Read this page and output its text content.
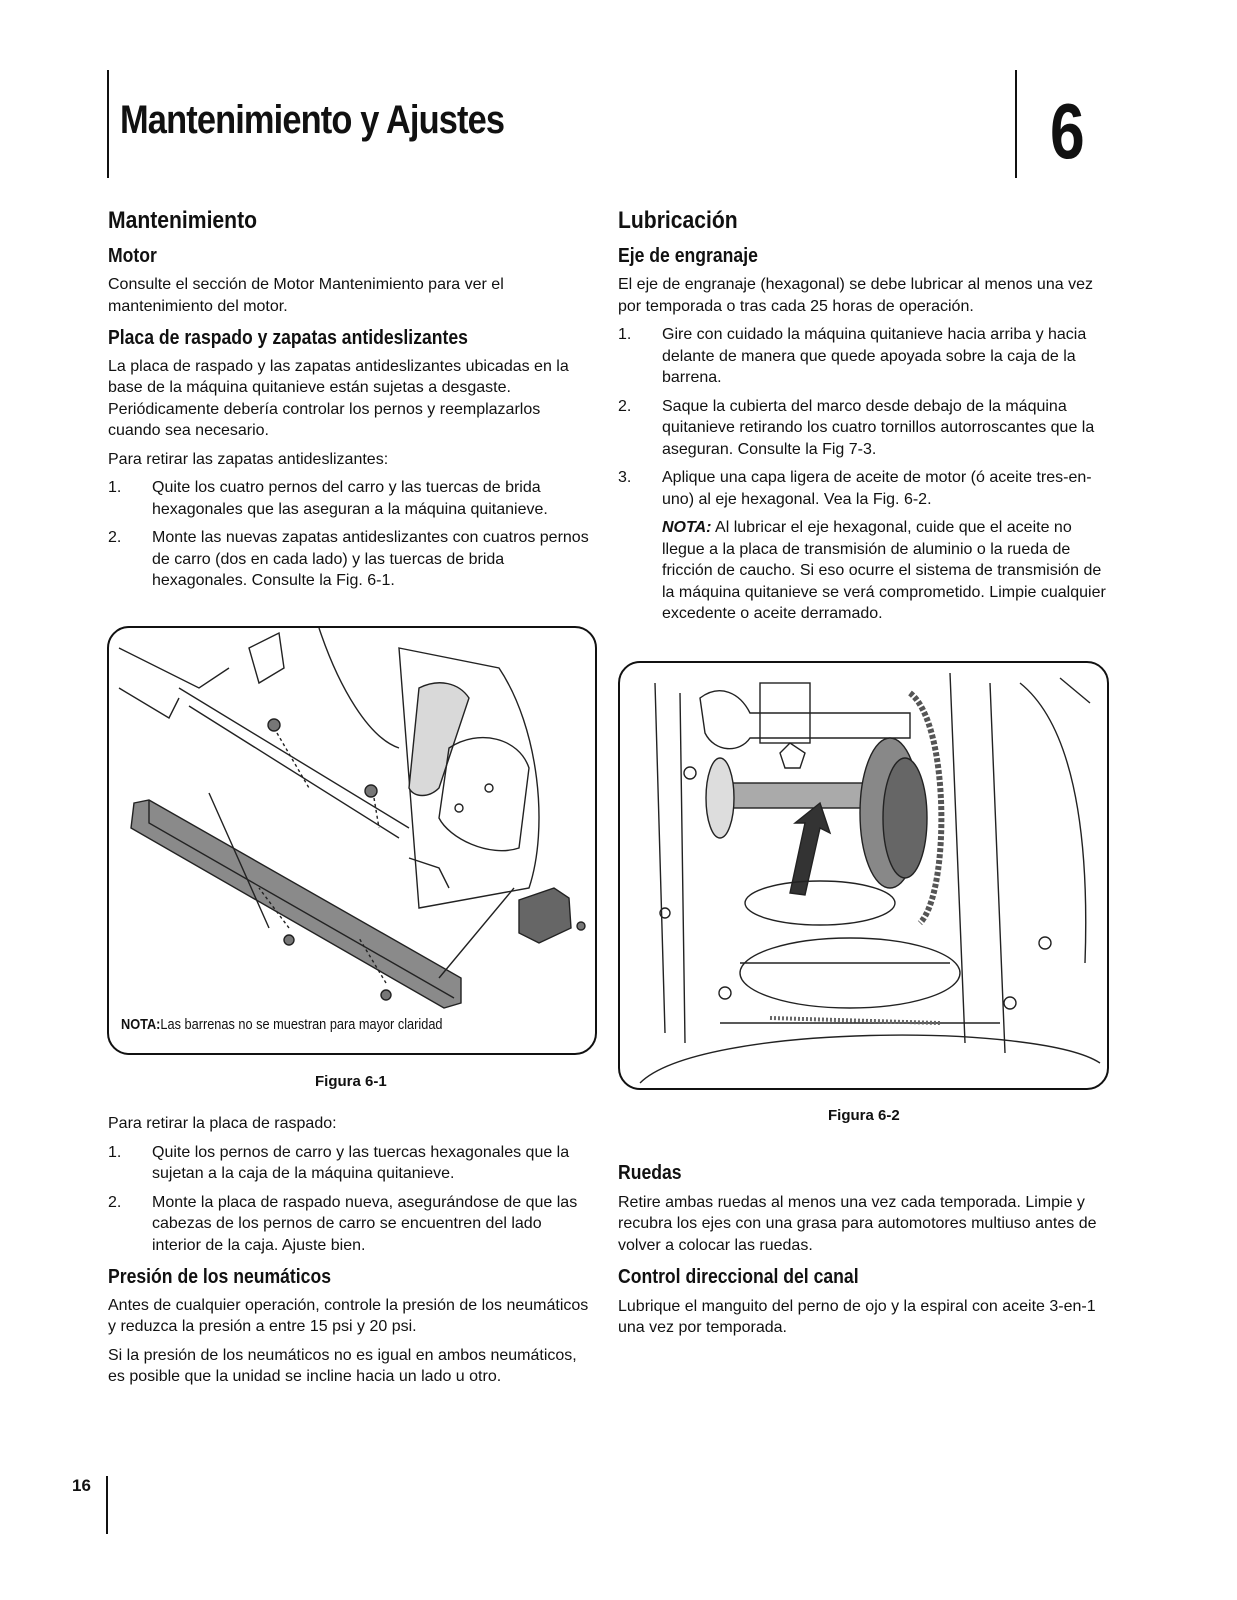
Mantenimiento y Ajustes	6
Mantenimiento
Motor

Consulte el sección de Motor Mantenimiento para ver el mantenimiento del motor.

Placa de raspado y zapatas antideslizantes

La placa de raspado y las zapatas antideslizantes ubicadas en la base de la máquina quitanieve están sujetas a desgaste. Periódicamente debería controlar los pernos y reemplazarlos cuando sea necesario.

Para retirar las zapatas antideslizantes:

1. Quite los cuatro pernos del carro y las tuercas de brida hexagonales que las aseguran a la máquina quitanieve.
2. Monte las nuevas zapatas antideslizantes con cuatros pernos de carro (dos en cada lado) y las tuercas de brida hexagonales. Consulte la Fig. 6-1.
NOTA:Las barrenas no se muestran para mayor claridad
Figura 6-1

Para retirar la placa de raspado:

1. Quite los pernos de carro y las tuercas hexagonales que la sujetan a la caja de la máquina quitanieve.
2. Monte la placa de raspado nueva, asegurándose de que las cabezas de los pernos de carro se encuentren del lado interior de la caja. Ajuste bien.
Presión de los neumáticos

Antes de cualquier operación, controle la presión de los neumáticos y reduzca la presión a entre 15 psi y 20 psi.

Si la presión de los neumáticos no es igual en ambos neumáticos, es posible que la unidad se incline hacia un lado u otro.

Lubricación
Eje de engranaje

El eje de engranaje (hexagonal) se debe lubricar al menos una vez por temporada o tras cada 25 horas de operación.

1. Gire con cuidado la máquina quitanieve hacia arriba y hacia delante de manera que quede apoyada sobre la caja de la barrena.
2. Saque la cubierta del marco desde debajo de la máquina quitanieve retirando los cuatro tornillos autorroscantes que la aseguran. Consulte la Fig 7-3.
3. Aplique una capa ligera de aceite de motor (ó aceite tres-en-uno) al eje hexagonal. Vea la Fig. 6-2.

NOTA: Al lubricar el eje hexagonal, cuide que el aceite no llegue a la placa de transmisión de aluminio o la rueda de fricción de caucho. Si eso ocurre el sistema de transmisión de la máquina quitanieve se verá comprometido. Limpie cualquier excedente o aceite derramado.

Figura 6-2
Ruedas

Retire ambas ruedas al menos una vez cada temporada. Limpie y recubra los ejes con una grasa para automotores multiuso antes de volver a colocar las ruedas.

Control direccional del canal

Lubrique el manguito del perno de ojo y la espiral con aceite 3-en-1 una vez por temporada.

16
